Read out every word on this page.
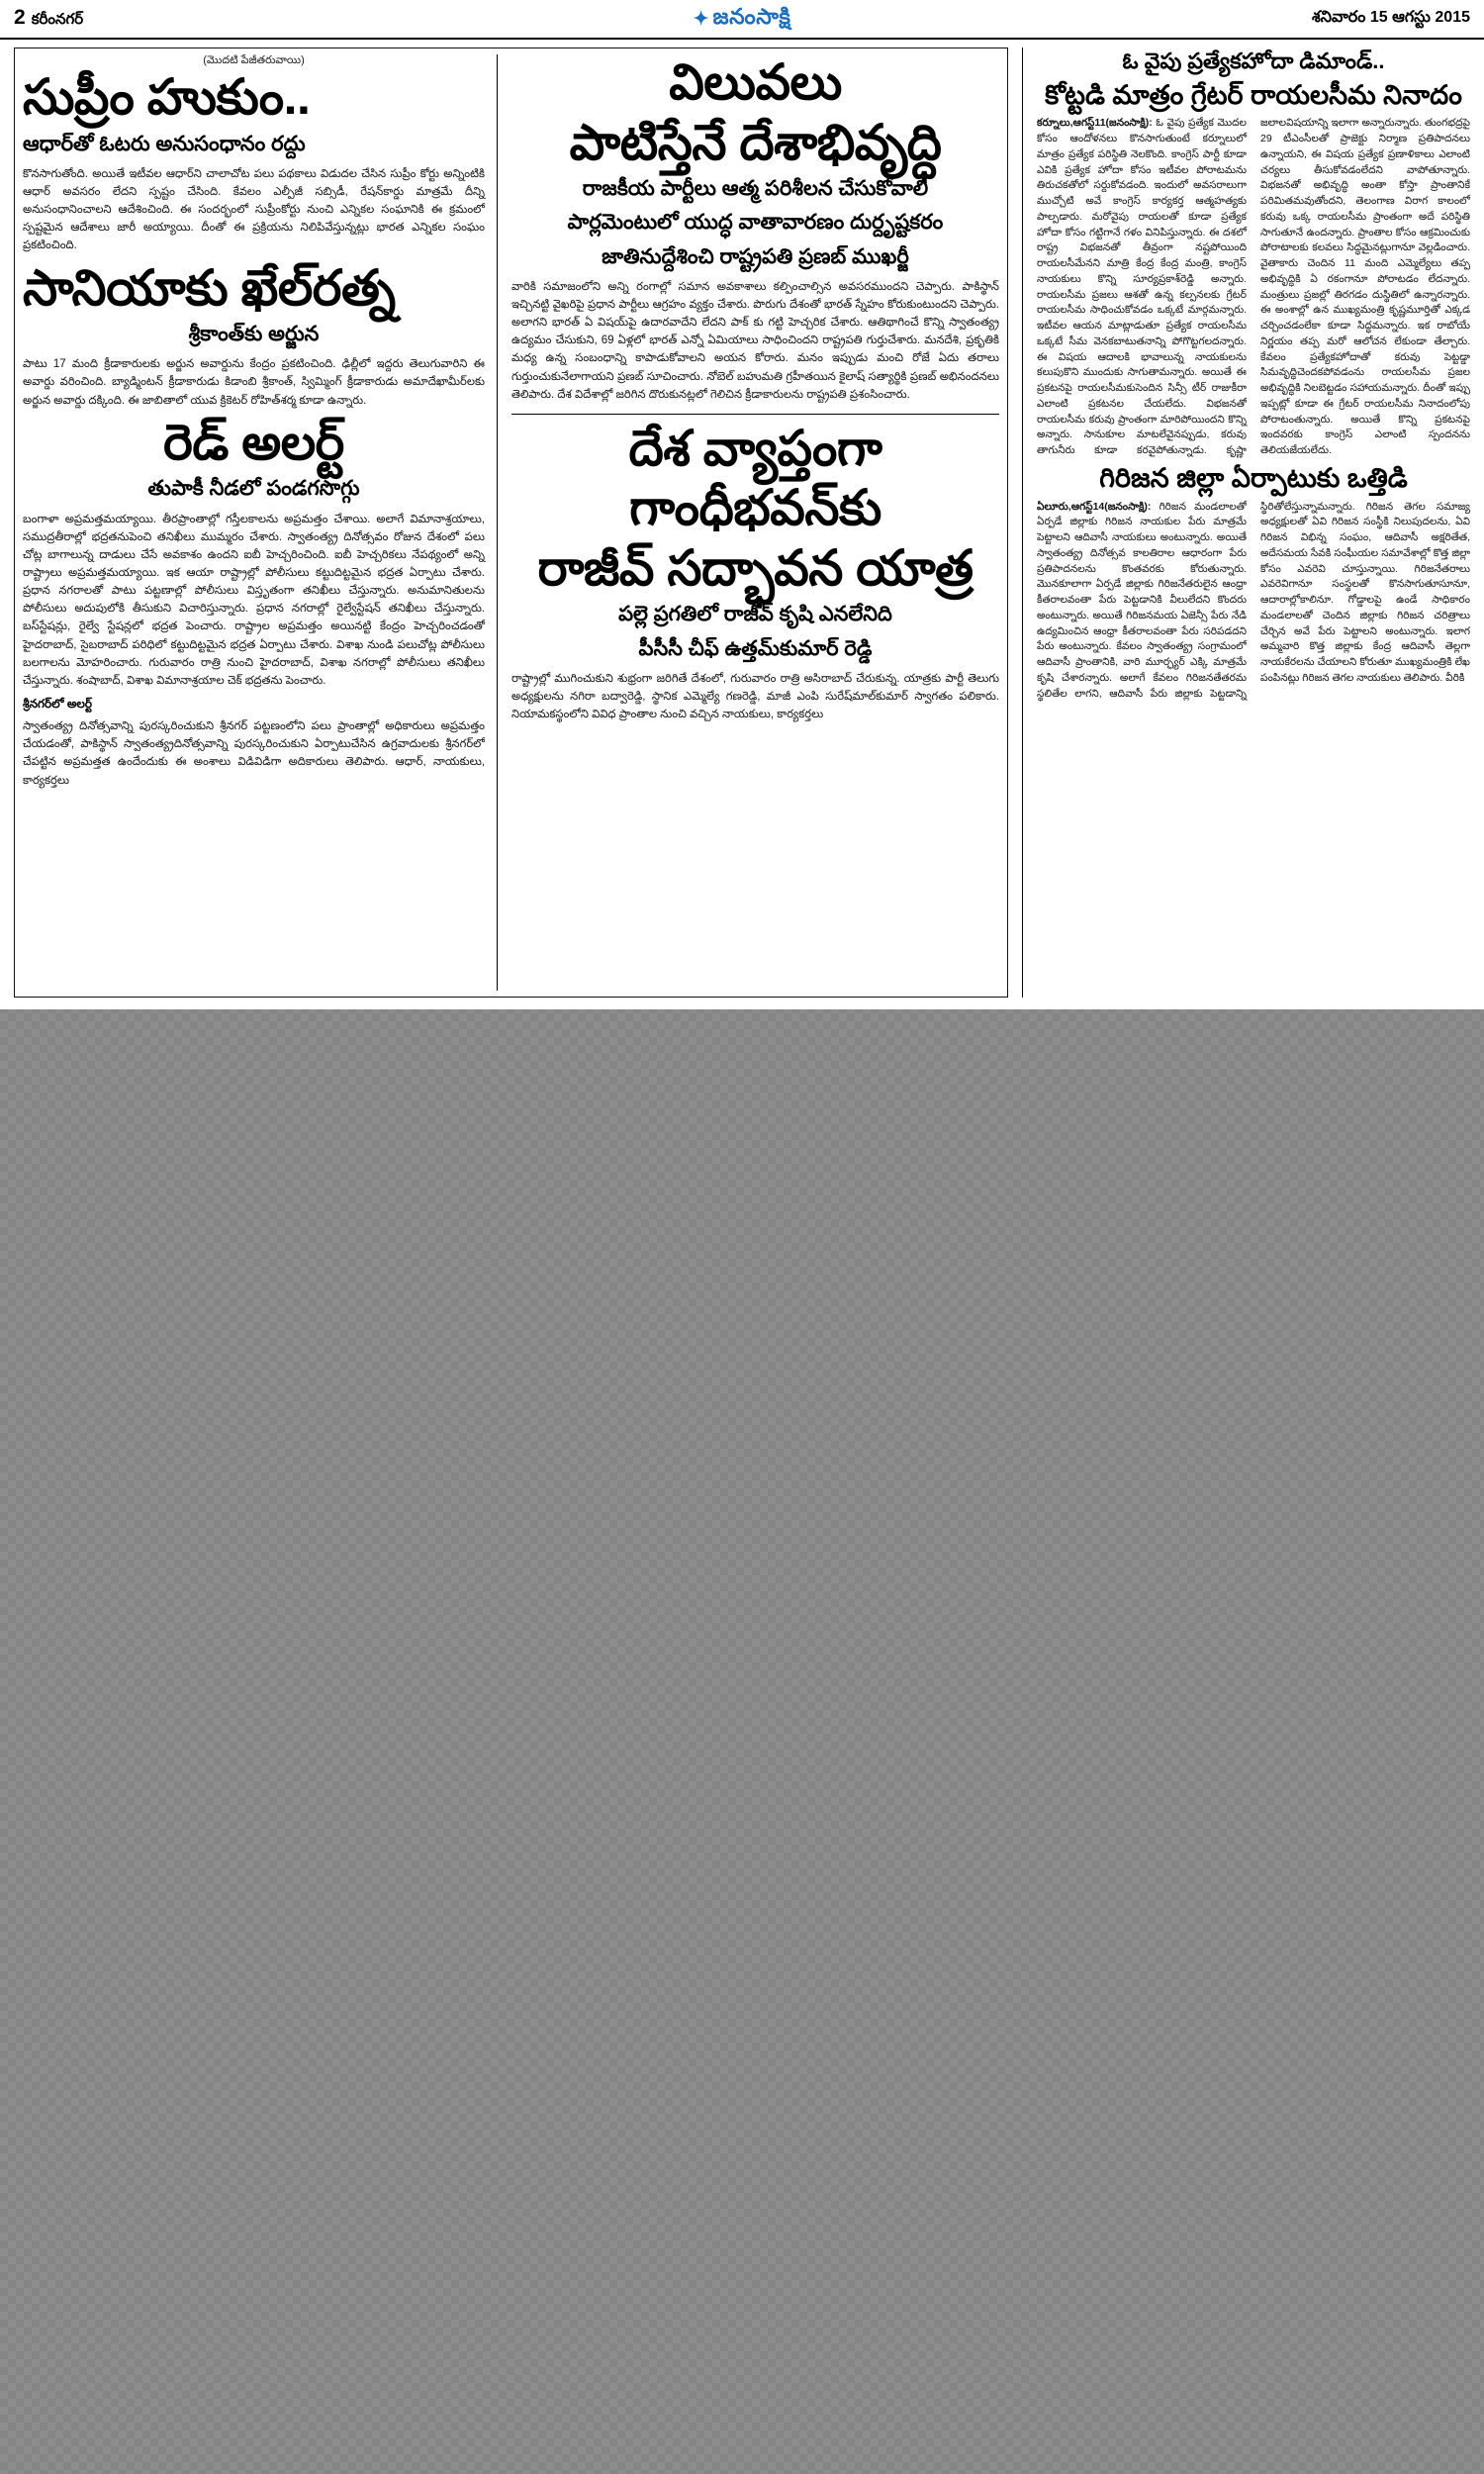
2 కరీంనగర్	✦ జనంసాక్షి	శనివారం 15 ఆగస్టు 2015
(మొదటి పేజీతరువాయి)
సుప్రీం హుకుం..
ఆధార్‌తో ఓటరు అనుసంధానం రద్దు

కొనసాగుతోంది. అయితే ఇటీవల ఆధార్‌ని చాలాచోట పలు పథకాలు విడుదల చేసిన సుప్రీం కోర్టు అన్నింటికి ఆధార్ అవసరం లేదని స్పష్టం చేసింది. కేవలం ఎల్పీజీ సబ్సిడీ, రేషన్‌కార్డు మాత్రమే దీన్ని అనుసంధానించాలని ఆదేశించింది. ఈ సందర్భంలో సుప్రీంకోర్టు నుంచి ఎన్నికల సంఘానికి ఈ క్రమంలో స్పష్టమైన ఆదేశాలు జారీ అయ్యాయి. దీంతో ఈ ప్రక్రియను నిలిపివేస్తున్నట్లు భారత ఎన్నికల సంఘం ప్రకటించింది.

సానియాకు ఖేల్‌రత్న
శ్రీకాంత్‌కు అర్జున

పాటు 17 మంది క్రీడాకారులకు అర్జున అవార్డును కేంద్రం ప్రకటించింది. ఢిల్లీలో ఇద్దరు తెలుగువారిని ఈ అవార్డు వరించింది. బ్యాడ్మింటన్ క్రీడాకారుడు కిడాంబి శ్రీకాంత్, స్విమ్మింగ్ క్రీడాకారుడు అమాదేఖామీర్‌లకు అర్జున అవార్డు దక్కింది. ఈ జాబితాలో యువ క్రికెటర్ రోహిత్‌శర్మ కూడా ఉన్నారు.

రెడ్ అలర్ట్
తుపాకీ నీడలో పండగసొగ్గు

బంగాళా అప్రమత్తమయ్యాయి. తీరప్రాంతాల్లో గస్తీలకాలను అప్రమత్తం చేశాయి. అలాగే విమానాశ్రయాలు, సముద్రతీరాల్లో భద్రతనుపెంచి తనిఖీలు ముమ్మరం చేశారు. స్వాతంత్య్ర దినోత్సవం రోజున దేశంలో పలు చోట్ల బాగాలున్న దాడులు చేసే అవకాశం ఉందని ఐబీ హెచ్చరించింది. ఐబీ హెచ్చరికలు నేపథ్యంలో అన్ని రాష్ట్రాలు అప్రమత్తమయ్యాయి. ఇక ఆయా రాష్ట్రాల్లో పోలీసులు కట్టుదిట్టమైన భద్రత ఏర్పాటు చేశారు. ప్రధాన నగరాలతో పాటు పట్టణాల్లో పోలీసులు విస్తృతంగా తనిఖీలు చేస్తున్నారు. అనుమానితులను పోలీసులు అదుపులోకి తీసుకుని విచారిస్తున్నారు. ప్రధాన నగరాల్లో రైల్వేస్టేషన్ తనిఖీలు చేస్తున్నారు. బస్‌స్టేషన్లు, రైల్వే స్టేషన్లలో భద్రత పెంచారు. రాష్ట్రాల అప్రమత్తం అయినట్టి కేంద్రం హెచ్చరించడంతో హైదరాబాద్, సైబరాబాద్ పరిధిలో కట్టుదిట్టమైన భద్రత ఏర్పాటు చేశారు. విశాఖ నుండి పలుచోట్ల పోలీసులు బలగాలను మోహరించారు. గురువారం రాత్రి నుంచి హైదరాబాద్, విశాఖ నగరాల్లో పోలీసులు తనిఖీలు చేస్తున్నారు. శంషాబాద్, విశాఖ విమానాశ్రయాల చెక్ భద్రతను పెంచారు.

శ్రీనగర్‌లో అలర్ట్

స్వాతంత్య్ర దినోత్సవాన్ని పురస్కరించుకుని శ్రీనగర్ పట్టణంలోని పలు ప్రాంతాల్లో అధికారులు అప్రమత్తం చేయడంతో, పాకిస్థాన్ స్వాతంత్య్రదినోత్సవాన్ని పురస్కరించుకుని ఏర్పాటుచేసిన ఉగ్రవాదులకు శ్రీనగర్‌లో చేపట్టిన అప్రమత్తత ఉందేందుకు ఈ అంశాలు విడివిడిగా అదికారులు తెలిపారు. ఆధార్, నాయకులు, కార్యకర్తలు

విలువలు
పాటిస్తేనే దేశాభివృద్ధి
రాజకీయ పార్టీలు ఆత్మ పరిశీలన చేసుకోవాలి
పార్లమెంటులో యుద్ధ వాతావారణం దుర్దృష్టకరం
జాతినుద్దేశించి రాష్ట్రపతి ప్రణబ్ ముఖర్జీ

వారికి సమాజంలోని అన్ని రంగాల్లో సమాన అవకాశాలు కల్పించాల్సిన అవసరముందని చెప్పారు. పాకిస్థాన్ ఇచ్చినట్టి వైఖరిపై ప్రధాన పార్టీలు ఆగ్రహం వ్యక్తం చేశారు. పొరుగు దేశంతో భారత్ స్నేహం కోరుకుంటుందని చెప్పారు. అలాగని భారత్ ఏ విషయ్‌పై ఉదారవాదేని లేదని పాక్ కు గట్టి హెచ్చరిక చేశారు. ఆతిథాగించే కొన్ని స్వాతంత్య్ర ఉద్యమం చేసుకుని, 69 ఏళ్లలో భారత్ ఎన్నో ఏమియాలు సాధించిందని రాష్ట్రపతి గుర్తుచేశారు. మనదేశి, ప్రకృతికి మధ్య ఉన్న సంబంధాన్ని కాపాడుకోవాలని అయన కోరారు. మనం ఇప్పుడు మంచి రోజే ఏదు తరాలు గుర్తుంచుకునేలాగాయని ప్రణబ్ సూచించారు. నోబెల్ బహుమతి గ్రహీతయిన కైలాష్ సత్యార్థికి ప్రణబ్ అభినందనలు తెలిపారు. దేశ విదేశాల్లో జరిగిన దొరుకునట్లలో గెలిచిన క్రీడాకారులను రాష్ట్రపతి ప్రశంసించారు.

దేశ వ్యాప్తంగా
గాంధీభవన్‌కు
రాజీవ్ సద్భావన యాత్ర
పల్లె ప్రగతిలో రాజీవ్ కృషి ఎనలేనిది
పీసీసీ చీఫ్ ఉత్తమ్‌కుమార్ రెడ్డి

రాష్ట్రాల్లో ముగించుకుని శుభ్రంగా జరిగితే దేశంలో, గురువారం రాత్రి అసిరాబాద్ చేరుకున్న. యాత్రకు పార్టీ తెలుగు అధ్యక్షులను నగిరా బద్వారెడ్డి, స్థానిక ఎమ్మెల్యే గణరెడ్డి, మాజీ ఎంపి సురేష్‌మాల్‌కుమార్ స్వాగతం పలికారు. నియామకస్థంలోని వివిధ ప్రాంతాల నుంచి వచ్చిన నాయకులు, కార్యకర్తలు

ఓ వైపు ప్రత్యేకహోదా డిమాండ్..
కోట్టడి మాత్రం గ్రేటర్ రాయలసీమ నినాదం

కర్నూలు,ఆగస్ట్11(జనంసాక్షి): ఓ వైపు ప్రత్యేక మొదల కోసం ఆందోళనలు కొనసాగుతుంటే కర్నూలులో మాత్రం ప్రత్యేక పరిస్థితి నెలకొంది. కాంగ్రెస్ పార్టీ కూడా ఎవికి ప్రత్యేక హోదా కోసం ఇటీవల పోరాటమను తిరుచకతోలో సర్దుకోవడంది. ఇందులో అవసరాలుగా ముచ్చోటి అవే కాంగ్రెస్ కార్యకర్త ఆత్మహత్యకు పాల్పడారు. మరోవైపు రాయలతో కూడా ప్రత్యేక హోదా కోసం గట్టిగానే గళం వినిపిస్తున్నారు. ఈ దశలో రాష్ట్ర విభజనతో తీవ్రంగా నష్టపోయింది రాయలసీమేనని మాత్రి కేంద్ర కేంద్ర మంత్రి, కాంగ్రెస్ నాయకులు కొన్ని సూర్యప్రకాశ్‌రెడ్డి అన్నారు. రాయలసీమ ప్రజలు ఆశతో ఉన్న కల్పనలకు గ్రేటర్ రాయలసీమ సాధించుకోవడం ఒక్కటే మార్గమన్నారు. ఇటీవల ఆయన మాట్లాడుతూ ప్రత్యేక రాయలసీమ ఒక్కటే సీమ వెనకబాటుతనాన్ని పోగొట్టగలదన్నారు. ఈ విషయ ఆదాలకి భావాలున్న నాయకులను కలుపుకొని ముందుకు సాగుతామన్నారు. అయితే ఈ ప్రకటనపై రాయలసీమకుసెందిన సిన్సీ టీర్ రాజుకీరా ఎలాంటి ప్రకటనల చేయలేదు. విభజనతో రాయలసీమ కరువు ప్రాంతంగా మారిపోయిందని కొన్ని అన్నారు. సానుకూల మాటలేవైనప్పుడు, కరువు తాగునీరు కూడా కరవైపోతున్నాడు. కృష్ణా జలాలవిషయాన్ని ఇలాగా అన్నారున్నారు. తుంగభద్రపై 29 టీఎంసీలతో ప్రాజెక్టు నిర్మాణ ప్రతిపాదనలు ఉన్నాయని, ఈ విషయ ప్రత్యేక ప్రణాళికాలు ఎలాంటి చర్యలు తీసుకోవడంలేదని వాపోతూన్నారు. విభజనతో అభివృద్ధి అంతా కోస్తా ప్రాంతానికే పరిమితమవుతోందని, తెలంగాణ విరాగ కాలంలో కరువు ఒక్క రాయలసీమ ప్రాంతంగా అదే పరిస్థితి సాగుతూనే ఉందన్నారు. ప్రాంతాల కోసం ఆక్రమించుకు పోరాటాలకు కలవలు సిద్ధమైనట్లుగానూ వెల్లడించారు. వైతాకారు చెందిన 11 మంది ఎమ్మెల్యేలు తప్ప అభివృద్ధికి ఏ రకంగానూ పోరాటడం లేదన్నారు. మంత్రులు ప్రజల్లో తిరగడం దుస్థితిలో ఉన్నారన్నారు. ఈ అంశాల్లో ఉన ముఖ్యమంత్రి కృష్ణమూర్తితో ఎక్కడ చర్చించడంలేకా కూడా సిద్ధమన్నారు. ఇక రాబోయే నిర్ణయం తప్ప మరో ఆలోచన లేకుండా తేల్చారు. కేవలం ప్రత్యేకహోదాతో కరువు పెట్టడ్డా సిమవృద్ధిచెందకపోవడంను రాయలసీమ ప్రజల అభివృద్ధికి నిలబెట్టడం సహాయమన్నారు. దీంతో ఇప్పు ఇప్పట్లో కూడా ఈ గ్రేటర్ రాయలసీమ నినాదంలోపు పోరాటంతున్నారు. అయితే కొన్ని ప్రకటనపై ఇందవరకు కాంగ్రెస్ ఎలాంటి స్పందనను తెలియజేయలేదు.

గిరిజన జిల్లా ఏర్పాటుకు ఒత్తిడి

ఏలూరు,ఆగస్ట్14(జనంసాక్షి): గిరిజన మండలాలతో ఏర్పడే జిల్లాకు గిరిజన నాయకుల పేరు మాత్రమే పెట్టాలని ఆదివాసీ నాయకులు అంటున్నారు. అయితే స్వాతంత్య్ర దినోత్సవ కాలతిరాల ఆధారంగా పేరు ప్రతిపాదనలను కొంతవరకు కోరుతున్నారు. మొనకూలాగా ఏర్పడే జిల్లాకు గిరిజనేతరులైన ఆంధ్రా కీతరాలవంతా పేరు పెట్టడానికి వీలులేదని కొందరు అంటున్నారు. అయితే గిరిజనమయ ఏజెన్సీ పేరు నేడి ఉద్యమించిన ఆంధ్రా కీతరాలవంతా పేరు సరిపడదని పేరు అంటున్నారు. కేవలం స్వాతంత్య్ర సంగ్రామంలో ఆదివాసీ ప్రాంతానికి, వారి మూర్ఛ్యర్ ఎక్కి మాత్రమే కృషి చేశారన్నారు. అలాగే కేవలం గిరిజనతేతరమ స్థలితేల లాగని, ఆదివాసీ పేరు జిల్లాకు పెట్టడాన్ని స్థిరితోలేస్తున్నామన్నారు. గిరిజన తెగల సమాజ్య అధ్యక్షులతో ఏవి గిరిజన సంస్థీకి నిలుపుదలను, ఏవి గిరిజన విభిన్న సంఘం, ఆదివాసీ అక్షరితేత, అదేసమయ సేవకి సంఘీయల సమావేశాల్లో కొత్త జిల్లా కోసం ఎవరెవి చూస్తున్నాయి. గిరిజనేతరాలు ఎవరెవిగానూ సంస్థలతో కొనసాగుతూసూనూ, ఆదారాల్లోకాలినూ. గోడ్డాలపై ఉండే సాధికారం మండలాలతో చెందిన జిల్లాకు గిరిజన చరిత్రాలు చేర్చిన అవే పేరు పెట్టాలని అంటున్నారు. ఇలాగ అమ్మవారి కొత్త జిల్లాకు కేంద్ర ఆదివాసీ తెల్లగా నాయకేరలను చేయాలని కోరుతూ ముఖ్యమంత్రికి లేఖ పంపినట్లు గిరిజన తెగల నాయకులు తెలిపారు. వీరికి
